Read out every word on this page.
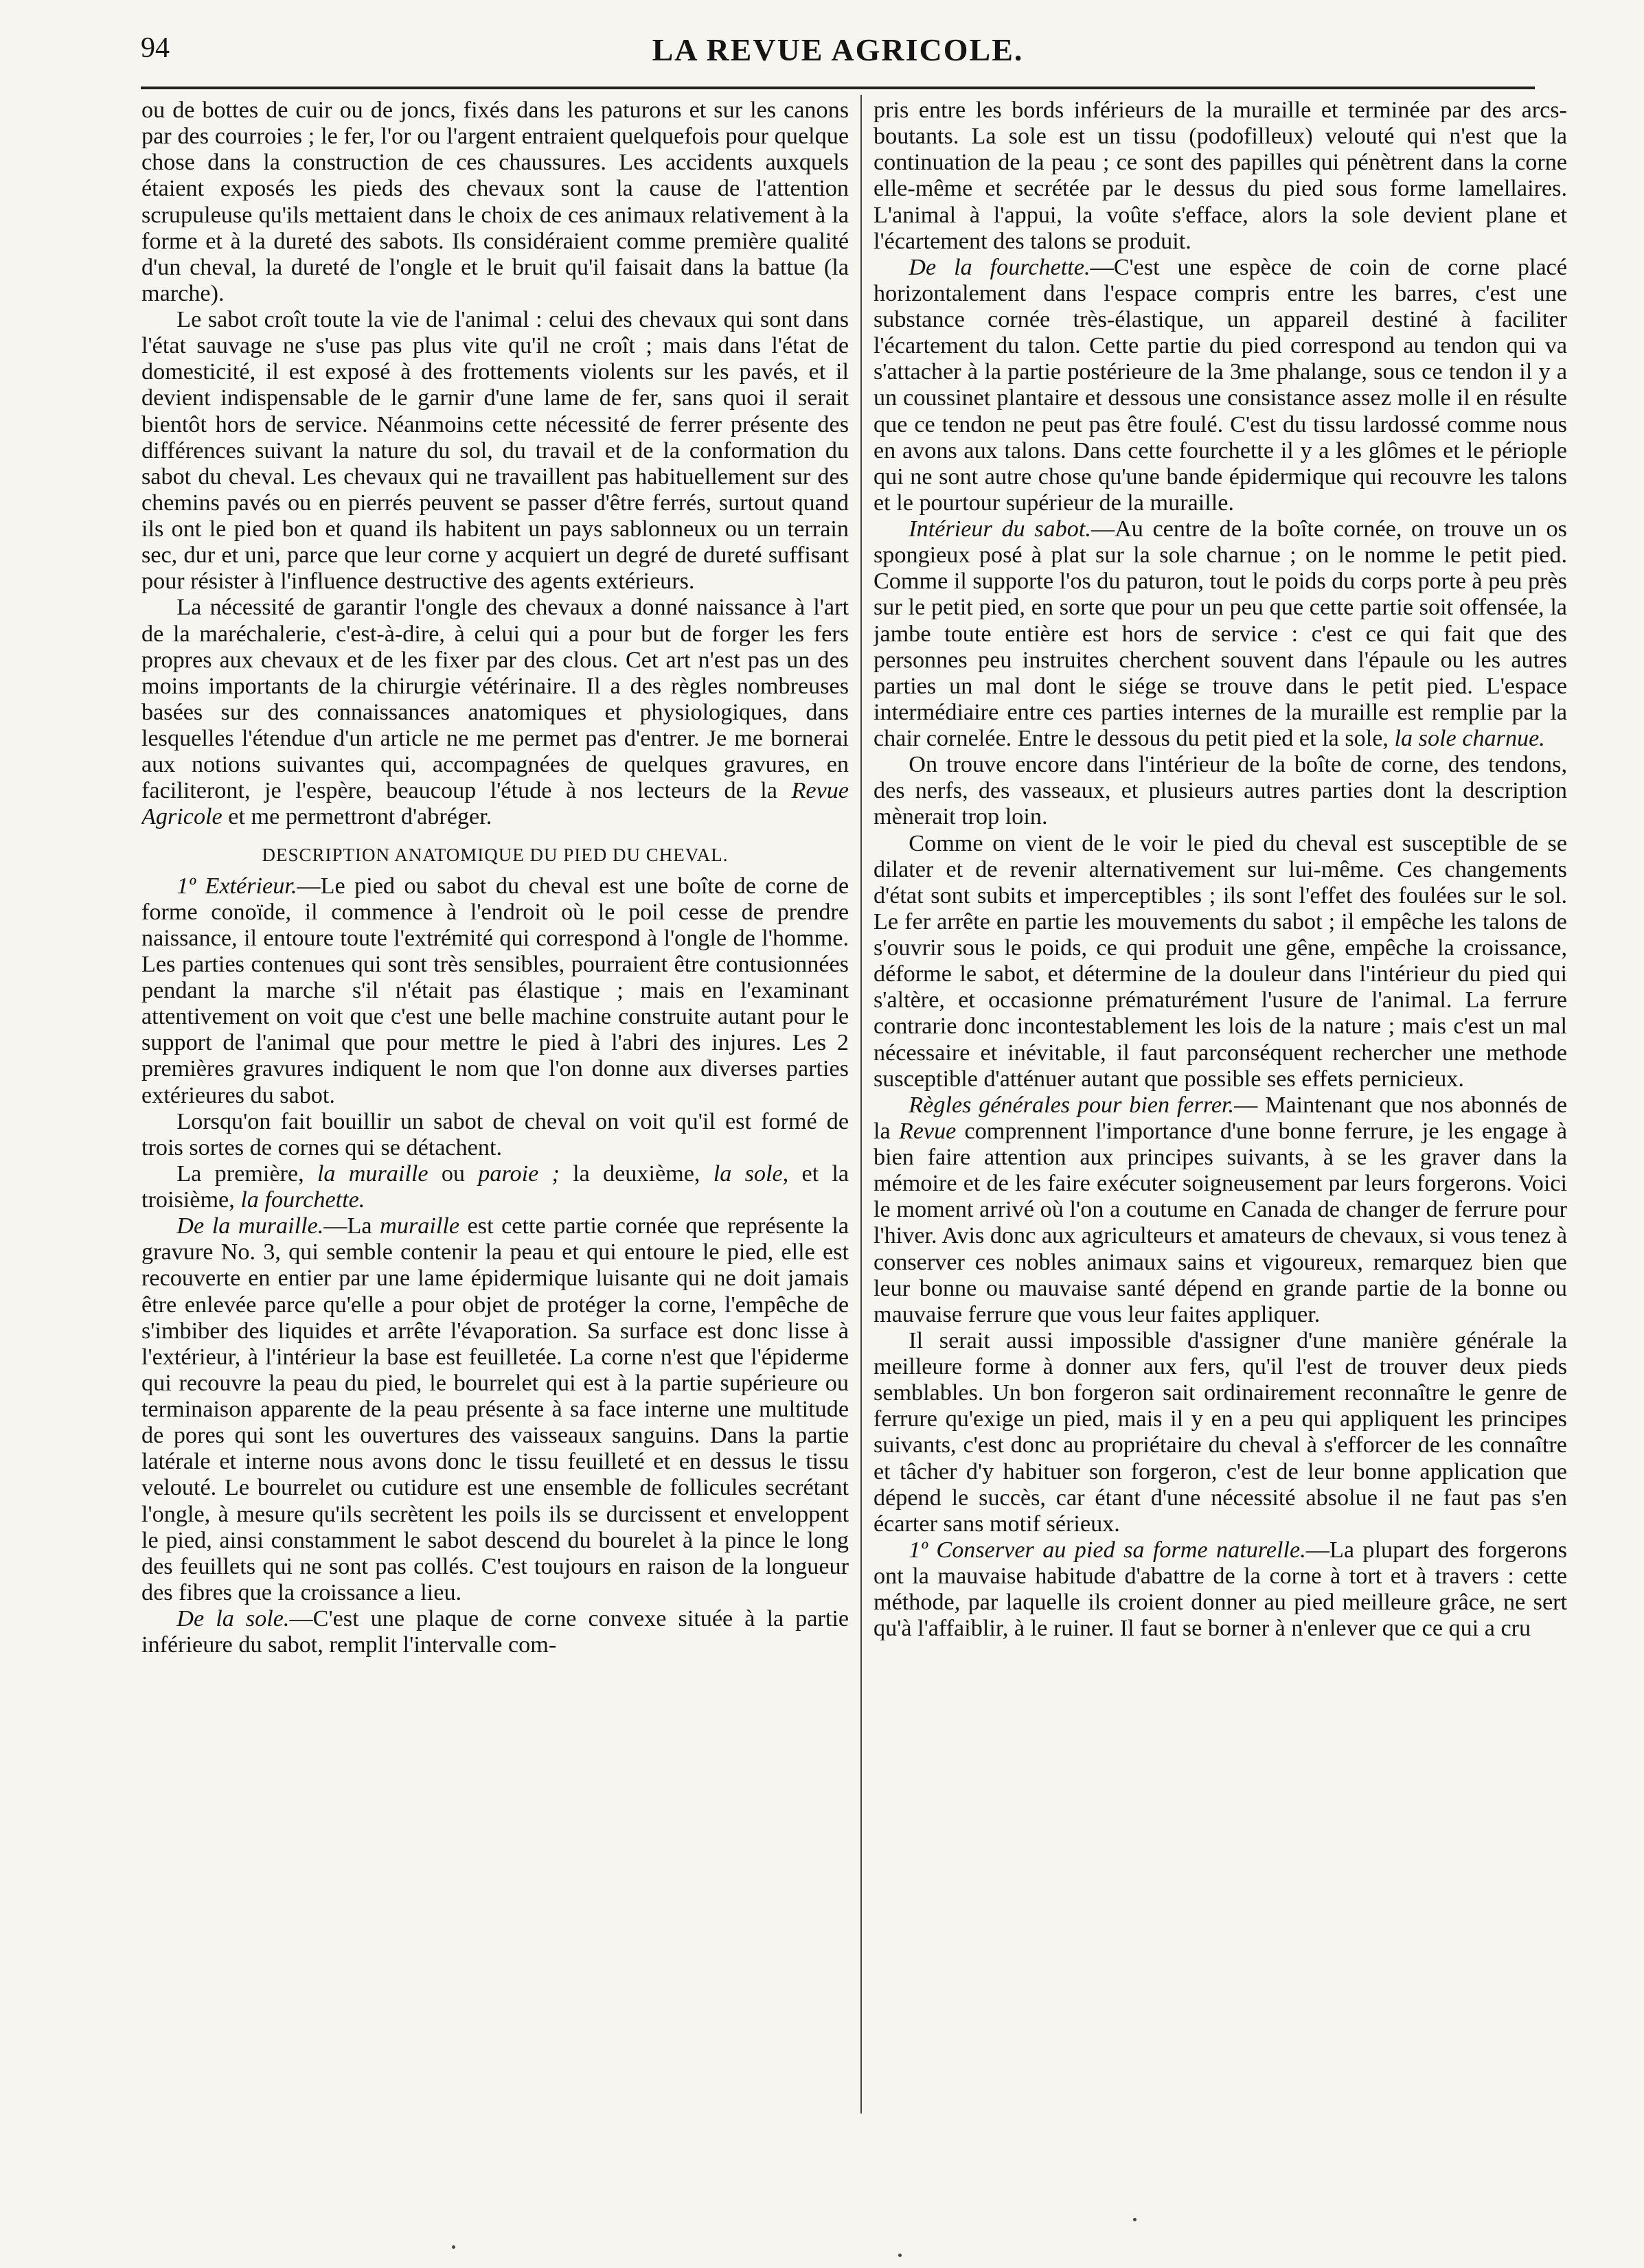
94	LA REVUE AGRICOLE.

ou de bottes de cuir ou de joncs, fixés dans les paturons et sur les canons par des courroies ; le fer, l'or ou l'argent entraient quelquefois pour quelque chose dans la construction de ces chaussures. Les accidents auxquels étaient exposés les pieds des chevaux sont la cause de l'attention scrupuleuse qu'ils mettaient dans le choix de ces animaux relativement à la forme et à la dureté des sabots. Ils considéraient comme première qualité d'un cheval, la dureté de l'ongle et le bruit qu'il faisait dans la battue (la marche).

Le sabot croît toute la vie de l'animal : celui des chevaux qui sont dans l'état sauvage ne s'use pas plus vite qu'il ne croît ; mais dans l'état de domesticité, il est exposé à des frottements violents sur les pavés, et il devient indispensable de le garnir d'une lame de fer, sans quoi il serait bientôt hors de service. Néanmoins cette nécessité de ferrer présente des différences suivant la nature du sol, du travail et de la conformation du sabot du cheval. Les chevaux qui ne travaillent pas habituellement sur des chemins pavés ou en pierrés peuvent se passer d'être ferrés, surtout quand ils ont le pied bon et quand ils habitent un pays sablonneux ou un terrain sec, dur et uni, parce que leur corne y acquiert un degré de dureté suffisant pour résister à l'influence destructive des agents extérieurs.

La nécessité de garantir l'ongle des chevaux a donné naissance à l'art de la maréchalerie, c'est-à-dire, à celui qui a pour but de forger les fers propres aux chevaux et de les fixer par des clous. Cet art n'est pas un des moins importants de la chirurgie vétérinaire. Il a des règles nombreuses basées sur des connaissances anatomiques et physiologiques, dans lesquelles l'étendue d'un article ne me permet pas d'entrer. Je me bornerai aux notions suivantes qui, accompagnées de quelques gravures, en faciliteront, je l'espère, beaucoup l'étude à nos lecteurs de la Revue Agricole et me permettront d'abréger.

DESCRIPTION ANATOMIQUE DU PIED DU CHEVAL.

1º Extérieur.—Le pied ou sabot du cheval est une boîte de corne de forme conoïde, il commence à l'endroit où le poil cesse de prendre naissance, il entoure toute l'extrémité qui correspond à l'ongle de l'homme. Les parties contenues qui sont très sensibles, pourraient être contusionnées pendant la marche s'il n'était pas élastique ; mais en l'examinant attentivement on voit que c'est une belle machine construite autant pour le support de l'animal que pour mettre le pied à l'abri des injures. Les 2 premières gravures indiquent le nom que l'on donne aux diverses parties extérieures du sabot.

Lorsqu'on fait bouillir un sabot de cheval on voit qu'il est formé de trois sortes de cornes qui se détachent.

La première, la muraille ou paroie ; la deuxième, la sole, et la troisième, la fourchette.

De la muraille.—La muraille est cette partie cornée que représente la gravure No. 3, qui semble contenir la peau et qui entoure le pied, elle est recouverte en entier par une lame épidermique luisante qui ne doit jamais être enlevée parce qu'elle a pour objet de protéger la corne, l'empêche de s'imbiber des liquides et arrête l'évaporation. Sa surface est donc lisse à l'extérieur, à l'intérieur la base est feuilletée. La corne n'est que l'épiderme qui recouvre la peau du pied, le bourrelet qui est à la partie supérieure ou terminaison apparente de la peau présente à sa face interne une multitude de pores qui sont les ouvertures des vaisseaux sanguins. Dans la partie latérale et interne nous avons donc le tissu feuilleté et en dessus le tissu velouté. Le bourrelet ou cutidure est une ensemble de follicules secrétant l'ongle, à mesure qu'ils secrètent les poils ils se durcissent et enveloppent le pied, ainsi constamment le sabot descend du bourelet à la pince le long des feuillets qui ne sont pas collés. C'est toujours en raison de la longueur des fibres que la croissance a lieu.

De la sole.—C'est une plaque de corne convexe située à la partie inférieure du sabot, remplit l'intervalle com-

pris entre les bords inférieurs de la muraille et terminée par des arcs-boutants. La sole est un tissu (podofilleux) velouté qui n'est que la continuation de la peau ; ce sont des papilles qui pénètrent dans la corne elle-même et secrétée par le dessus du pied sous forme lamellaires. L'animal à l'appui, la voûte s'efface, alors la sole devient plane et l'écartement des talons se produit.

De la fourchette.—C'est une espèce de coin de corne placé horizontalement dans l'espace compris entre les barres, c'est une substance cornée très-élastique, un appareil destiné à faciliter l'écartement du talon. Cette partie du pied correspond au tendon qui va s'attacher à la partie postérieure de la 3me phalange, sous ce tendon il y a un coussinet plantaire et dessous une consistance assez molle il en résulte que ce tendon ne peut pas être foulé. C'est du tissu lardossé comme nous en avons aux talons. Dans cette fourchette il y a les glômes et le périople qui ne sont autre chose qu'une bande épidermique qui recouvre les talons et le pourtour supérieur de la muraille.

Intérieur du sabot.—Au centre de la boîte cornée, on trouve un os spongieux posé à plat sur la sole charnue ; on le nomme le petit pied. Comme il supporte l'os du paturon, tout le poids du corps porte à peu près sur le petit pied, en sorte que pour un peu que cette partie soit offensée, la jambe toute entière est hors de service : c'est ce qui fait que des personnes peu instruites cherchent souvent dans l'épaule ou les autres parties un mal dont le siége se trouve dans le petit pied. L'espace intermédiaire entre ces parties internes de la muraille est remplie par la chair cornelée. Entre le dessous du petit pied et la sole, la sole charnue.

On trouve encore dans l'intérieur de la boîte de corne, des tendons, des nerfs, des vasseaux, et plusieurs autres parties dont la description mènerait trop loin.

Comme on vient de le voir le pied du cheval est susceptible de se dilater et de revenir alternativement sur lui-même. Ces changements d'état sont subits et imperceptibles ; ils sont l'effet des foulées sur le sol. Le fer arrête en partie les mouvements du sabot ; il empêche les talons de s'ouvrir sous le poids, ce qui produit une gêne, empêche la croissance, déforme le sabot, et détermine de la douleur dans l'intérieur du pied qui s'altère, et occasionne prématurément l'usure de l'animal. La ferrure contrarie donc incontestablement les lois de la nature ; mais c'est un mal nécessaire et inévitable, il faut parconséquent rechercher une methode susceptible d'atténuer autant que possible ses effets pernicieux.

Règles générales pour bien ferrer.— Maintenant que nos abonnés de la Revue comprennent l'importance d'une bonne ferrure, je les engage à bien faire attention aux principes suivants, à se les graver dans la mémoire et de les faire exécuter soigneusement par leurs forgerons. Voici le moment arrivé où l'on a coutume en Canada de changer de ferrure pour l'hiver. Avis donc aux agriculteurs et amateurs de chevaux, si vous tenez à conserver ces nobles animaux sains et vigoureux, remarquez bien que leur bonne ou mauvaise santé dépend en grande partie de la bonne ou mauvaise ferrure que vous leur faites appliquer.

Il serait aussi impossible d'assigner d'une manière générale la meilleure forme à donner aux fers, qu'il l'est de trouver deux pieds semblables. Un bon forgeron sait ordinairement reconnaître le genre de ferrure qu'exige un pied, mais il y en a peu qui appliquent les principes suivants, c'est donc au propriétaire du cheval à s'efforcer de les connaître et tâcher d'y habituer son forgeron, c'est de leur bonne application que dépend le succès, car étant d'une nécessité absolue il ne faut pas s'en écarter sans motif sérieux.

1º Conserver au pied sa forme naturelle.—La plupart des forgerons ont la mauvaise habitude d'abattre de la corne à tort et à travers : cette méthode, par laquelle ils croient donner au pied meilleure grâce, ne sert qu'à l'affaiblir, à le ruiner. Il faut se borner à n'enlever que ce qui a cru
